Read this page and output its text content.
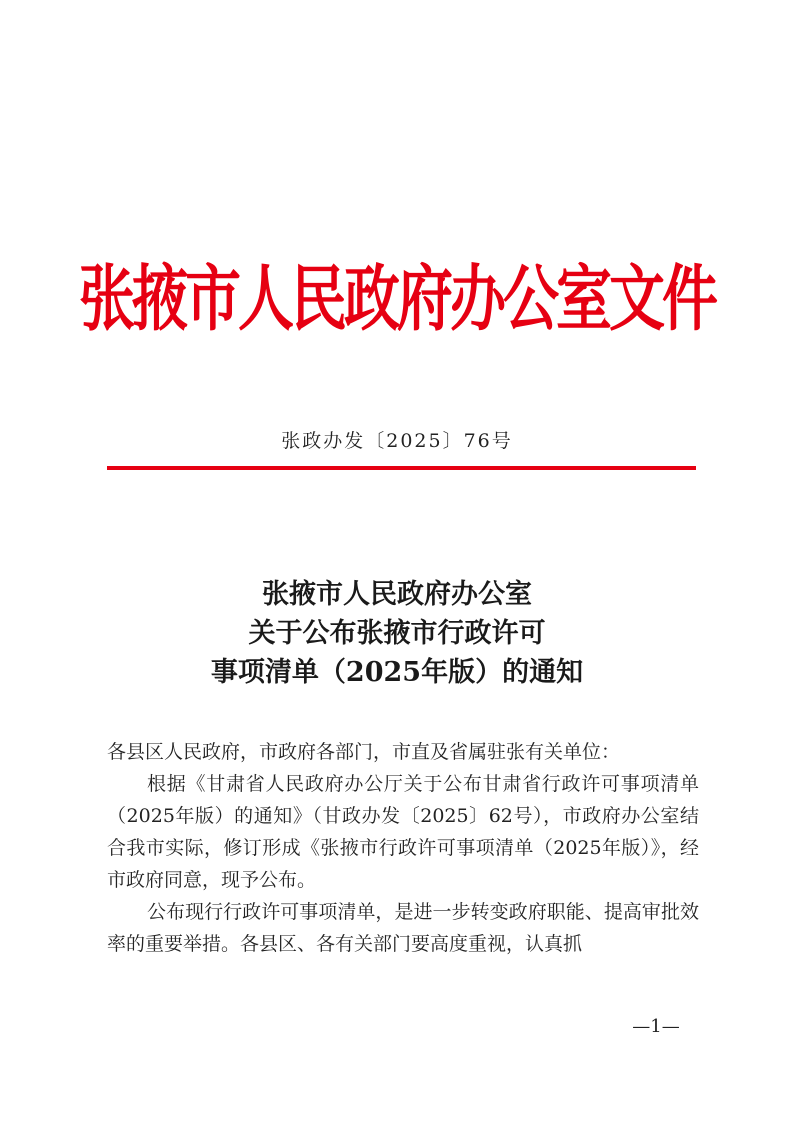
张掖市人民政府办公室文件
张政办发〔2025〕76号
张掖市人民政府办公室
关于公布张掖市行政许可
事项清单（2025年版）的通知

各县区人民政府，市政府各部门，市直及省属驻张有关单位：

根据《甘肃省人民政府办公厅关于公布甘肃省行政许可事项清单（2025年版）的通知》（甘政办发〔2025〕62号），市政府办公室结合我市实际，修订形成《张掖市行政许可事项清单（2025年版）》，经市政府同意，现予公布。

公布现行行政许可事项清单，是进一步转变政府职能、提高审批效率的重要举措。各县区、各有关部门要高度重视，认真抓

—1—
